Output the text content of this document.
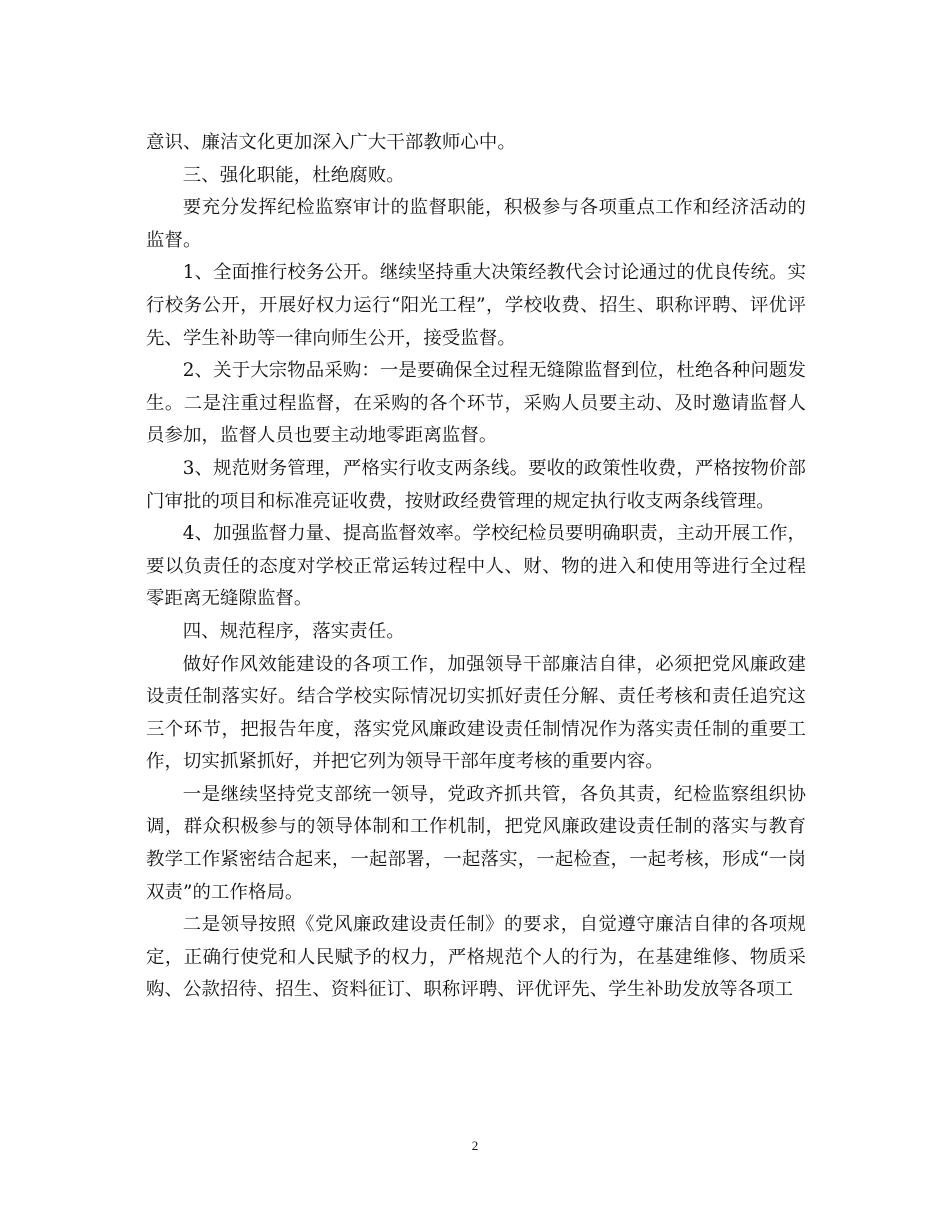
意识、廉洁文化更加深入广大干部教师心中。

三、强化职能，杜绝腐败。

要充分发挥纪检监察审计的监督职能，积极参与各项重点工作和经济活动的监督。

1、全面推行校务公开。继续坚持重大决策经教代会讨论通过的优良传统。实行校务公开，开展好权力运行“阳光工程”，学校收费、招生、职称评聘、评优评先、学生补助等一律向师生公开，接受监督。

2、关于大宗物品采购：一是要确保全过程无缝隙监督到位，杜绝各种问题发生。二是注重过程监督，在采购的各个环节，采购人员要主动、及时邀请监督人员参加，监督人员也要主动地零距离监督。

3、规范财务管理，严格实行收支两条线。要收的政策性收费，严格按物价部门审批的项目和标准亮证收费，按财政经费管理的规定执行收支两条线管理。

4、加强监督力量、提高监督效率。学校纪检员要明确职责，主动开展工作，要以负责任的态度对学校正常运转过程中人、财、物的进入和使用等进行全过程零距离无缝隙监督。

四、规范程序，落实责任。

做好作风效能建设的各项工作，加强领导干部廉洁自律，必须把党风廉政建设责任制落实好。结合学校实际情况切实抓好责任分解、责任考核和责任追究这三个环节，把报告年度，落实党风廉政建设责任制情况作为落实责任制的重要工作，切实抓紧抓好，并把它列为领导干部年度考核的重要内容。

一是继续坚持党支部统一领导，党政齐抓共管，各负其责，纪检监察组织协调，群众积极参与的领导体制和工作机制，把党风廉政建设责任制的落实与教育教学工作紧密结合起来，一起部署，一起落实，一起检查，一起考核，形成“一岗双责”的工作格局。

二是领导按照《党风廉政建设责任制》的要求，自觉遵守廉洁自律的各项规定，正确行使党和人民赋予的权力，严格规范个人的行为，在基建维修、物质采购、公款招待、招生、资料征订、职称评聘、评优评先、学生补助发放等各项工

2
